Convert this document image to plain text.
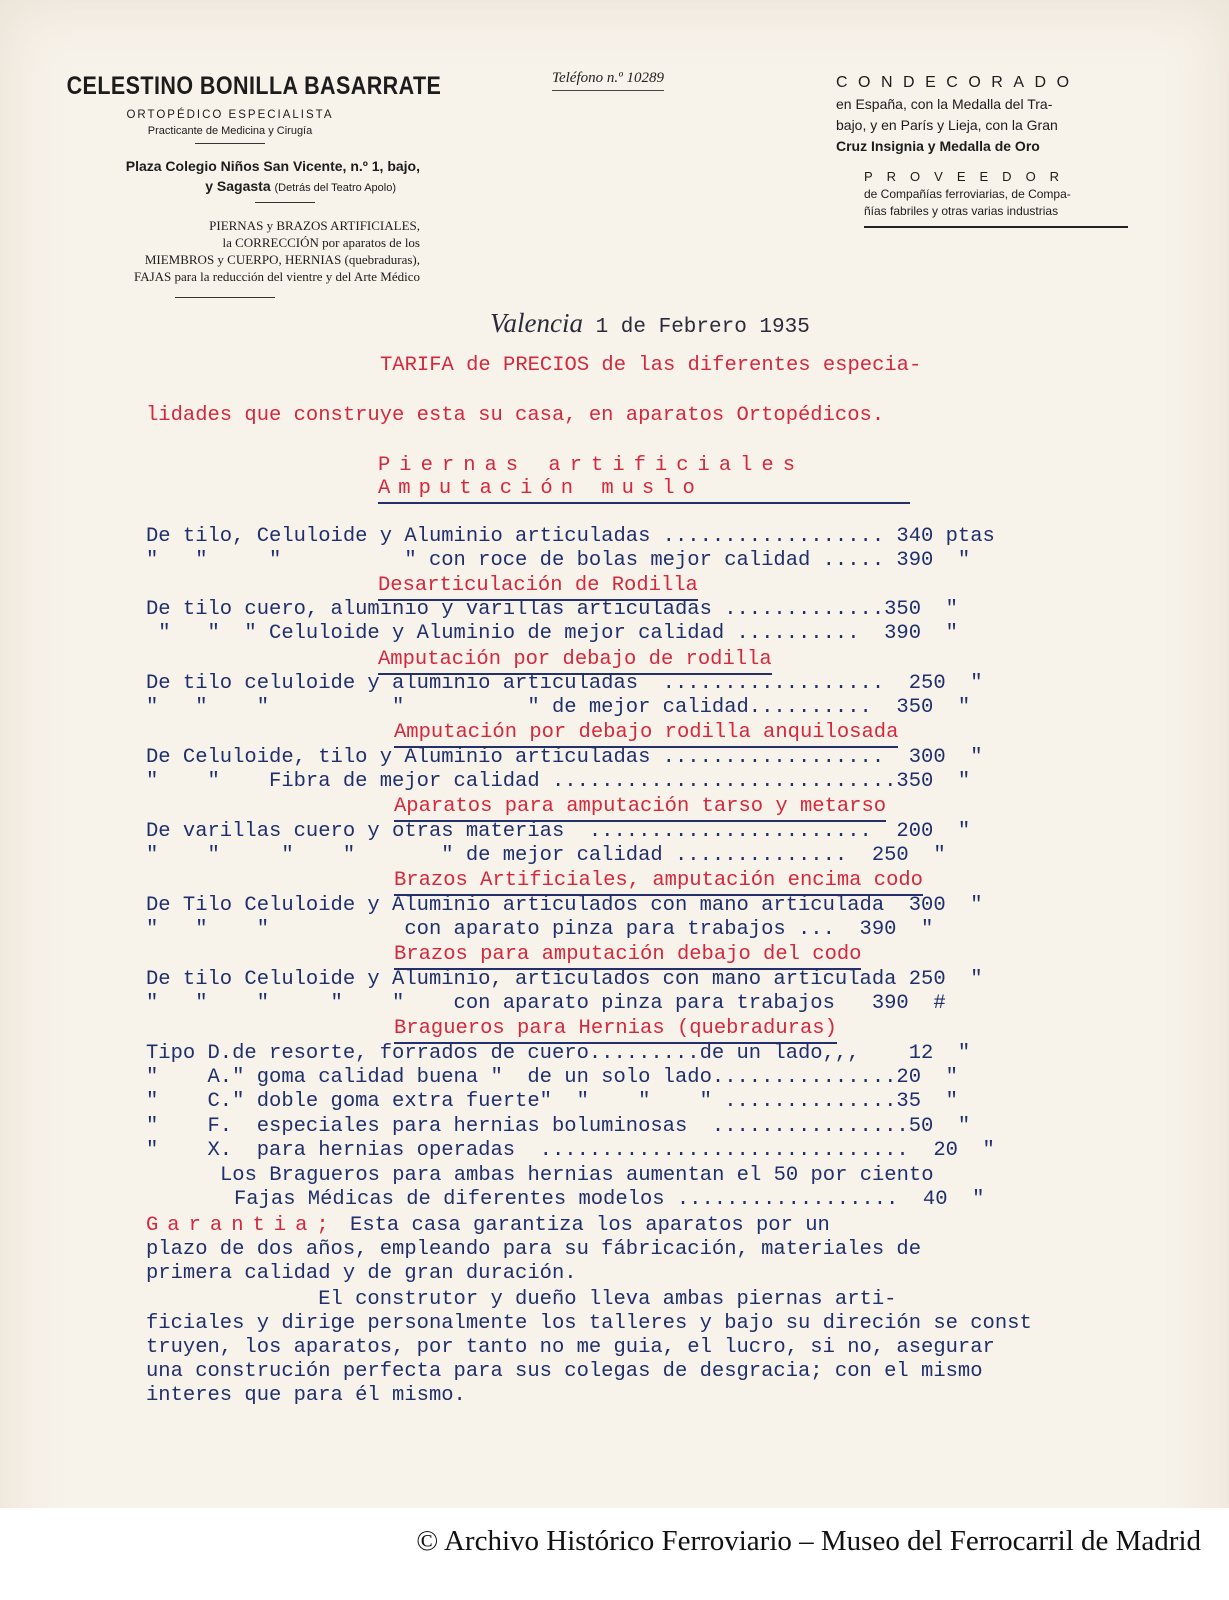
CELESTINO BONILLA BASARRATE
ORTOPÉDICO ESPECIALISTA
Practicante de Medicina y Cirugía
Plaza Colegio Niños San Vicente, n.º 1, bajo,
y Sagasta (Detrás del Teatro Apolo)
PIERNAS y BRAZOS ARTIFICIALES,
la CORRECCIÓN por aparatos de los
MIEMBROS y CUERPO, HERNIAS (quebraduras),
FAJAS para la reducción del vientre y del Arte Médico
Teléfono n.º 10289	CONDECORADO
en España, con la Medalla del Tra-
bajo, y en París y Lieja, con la Gran
Cruz Insignia y Medalla de Oro
PROVEEDOR
de Compañías ferroviarias, de Compa-
ñías fabriles y otras varias industrias
Valencia 1 de Febrero 1935
TARIFA de PRECIOS de las diferentes especia-
lidades que construye esta su casa, en aparatos Ortopédicos.
Piernas artificiales
Amputación muslo
De tilo, Celuloide y Aluminio articuladas .................. 340 ptas
"   "     "          " con roce de bolas mejor calidad ..... 390  "
Desarticulación de Rodilla
De tilo cuero, aluminio y varillas articuladas .............350  "
"   "  " Celuloide y Aluminio de mejor calidad ..........  390  "
Amputación por debajo de rodilla
De tilo celuloide y aluminio articuladas  ..................  250  "
"   "    "          "          " de mejor calidad..........  350  "
Amputación por debajo rodilla anquilosada
De Celuloide, tilo y Aluminio articuladas ..................  300  "
"    "    Fibra de mejor calidad ............................350  "
Aparatos para amputación tarso y metarso
De varillas cuero y otras materias  .......................  200  "
"    "     "    "       " de mejor calidad ..............  250  "
Brazos Artificiales, amputación encima codo
De Tilo Celuloide y Aluminio articulados con mano articulada  300  "
"   "    "           con aparato pinza para trabajos ...  390  "
Brazos para amputación debajo del codo
De tilo Celuloide y Aluminio, articulados con mano articulada 250  "
"   "    "     "    "    con aparato pinza para trabajos   390  #
Bragueros para Hernias (quebraduras)
Tipo D.de resorte, forrados de cuero.........de un lado,,,    12  "
"    A." goma calidad buena "  de un solo lado...............20  "
"    C." doble goma extra fuerte"  "    "    " ..............35  "
"    F.  especiales para hernias boluminosas  ................50  "
"    X.  para hernias operadas  ..............................  20  "
Los Bragueros para ambas hernias aumentan el 50 por ciento
Fajas Médicas de diferentes modelos ..................  40  "
Garantia; Esta casa garantiza los aparatos por un
plazo de dos años, empleando para su fábricación, materiales de
primera calidad y de gran duración.
El construtor y dueño lleva ambas piernas arti-
ficiales y dirige personalmente los talleres y bajo su direción se const
truyen, los aparatos, por tanto no me guia, el lucro, si no, asegurar
una construción perfecta para sus colegas de desgracia; con el mismo
interes que para él mismo.
© Archivo Histórico Ferroviario – Museo del Ferrocarril de Madrid
